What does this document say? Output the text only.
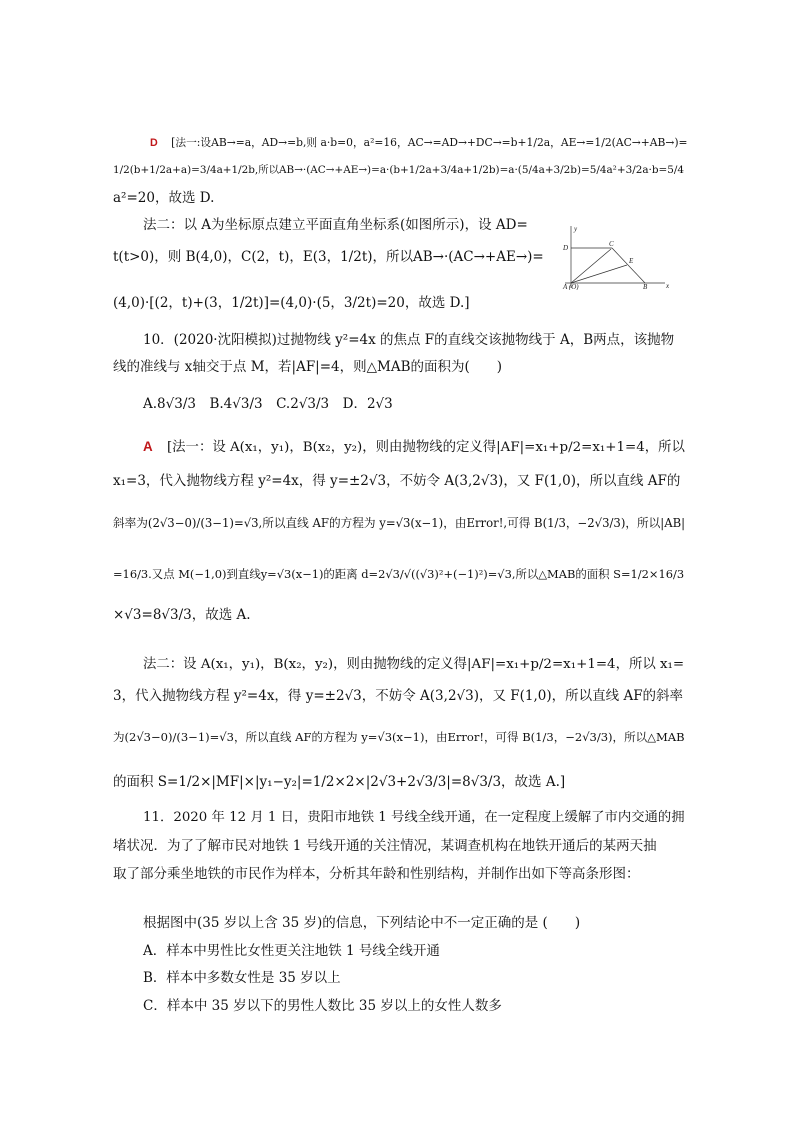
D [法一:设AB→=a，AD→=b,则 a·b=0，a²=16，AC→=AD→+DC→=b+1/2a，AE→=1/2(AC→+AB→)=
1/2(b+1/2a+a)=3/4a+1/2b,所以AB→·(AC→+AE→)=a·(b+1/2a+3/4a+1/2b)=a·(5/4a+3/2b)=5/4a²+3/2a·b=5/4
a²=20，故选 D.
法二：以 A为坐标原点建立平面直角坐标系(如图所示)，设 AD=
t(t>0)，则 B(4,0)，C(2，t)，E(3，1/2t)，所以AB→·(AC→+AE→)=
(4,0)·[(2，t)+(3，1/2t)]=(4,0)·(5，3/2t)=20，故选 D.]
y
D	C
E
A (O)	B	x
10．(2020·沈阳模拟)过抛物线 y²=4x 的焦点 F的直线交该抛物线于 A，B两点，该抛物
线的准线与 x轴交于点 M，若|AF|=4，则△MAB的面积为(　　)
A.8√3/3　B.4√3/3　C.2√3/3　D．2√3
A [法一：设 A(x₁，y₁)，B(x₂，y₂)，则由抛物线的定义得|AF|=x₁+p/2=x₁+1=4，所以
x₁=3，代入抛物线方程 y²=4x，得 y=±2√3，不妨令 A(3,2√3)，又 F(1,0)，所以直线 AF的
斜率为(2√3−0)/(3−1)=√3,所以直线 AF的方程为 y=√3(x−1)，由Error!,可得 B(1/3，−2√3/3)，所以|AB|
=16/3.又点 M(−1,0)到直线y=√3(x−1)的距离 d=2√3/√((√3)²+(−1)²)=√3,所以△MAB的面积 S=1/2×16/3
×√3=8√3/3，故选 A.
法二：设 A(x₁，y₁)，B(x₂，y₂)，则由抛物线的定义得|AF|=x₁+p/2=x₁+1=4，所以 x₁=
3，代入抛物线方程 y²=4x，得 y=±2√3，不妨令 A(3,2√3)，又 F(1,0)，所以直线 AF的斜率
为(2√3−0)/(3−1)=√3，所以直线 AF的方程为 y=√3(x−1)，由Error!，可得 B(1/3，−2√3/3)，所以△MAB
的面积 S=1/2×|MF|×|y₁−y₂|=1/2×2×|2√3+2√3/3|=8√3/3，故选 A.]
11．2020 年 12 月 1 日，贵阳市地铁 1 号线全线开通，在一定程度上缓解了市内交通的拥
堵状况．为了了解市民对地铁 1 号线开通的关注情况，某调查机构在地铁开通后的某两天抽
取了部分乘坐地铁的市民作为样本，分析其年龄和性别结构，并制作出如下等高条形图：
根据图中(35 岁以上含 35 岁)的信息，下列结论中不一定正确的是 (　　)
A．样本中男性比女性更关注地铁 1 号线全线开通
B．样本中多数女性是 35 岁以上
C．样本中 35 岁以下的男性人数比 35 岁以上的女性人数多
